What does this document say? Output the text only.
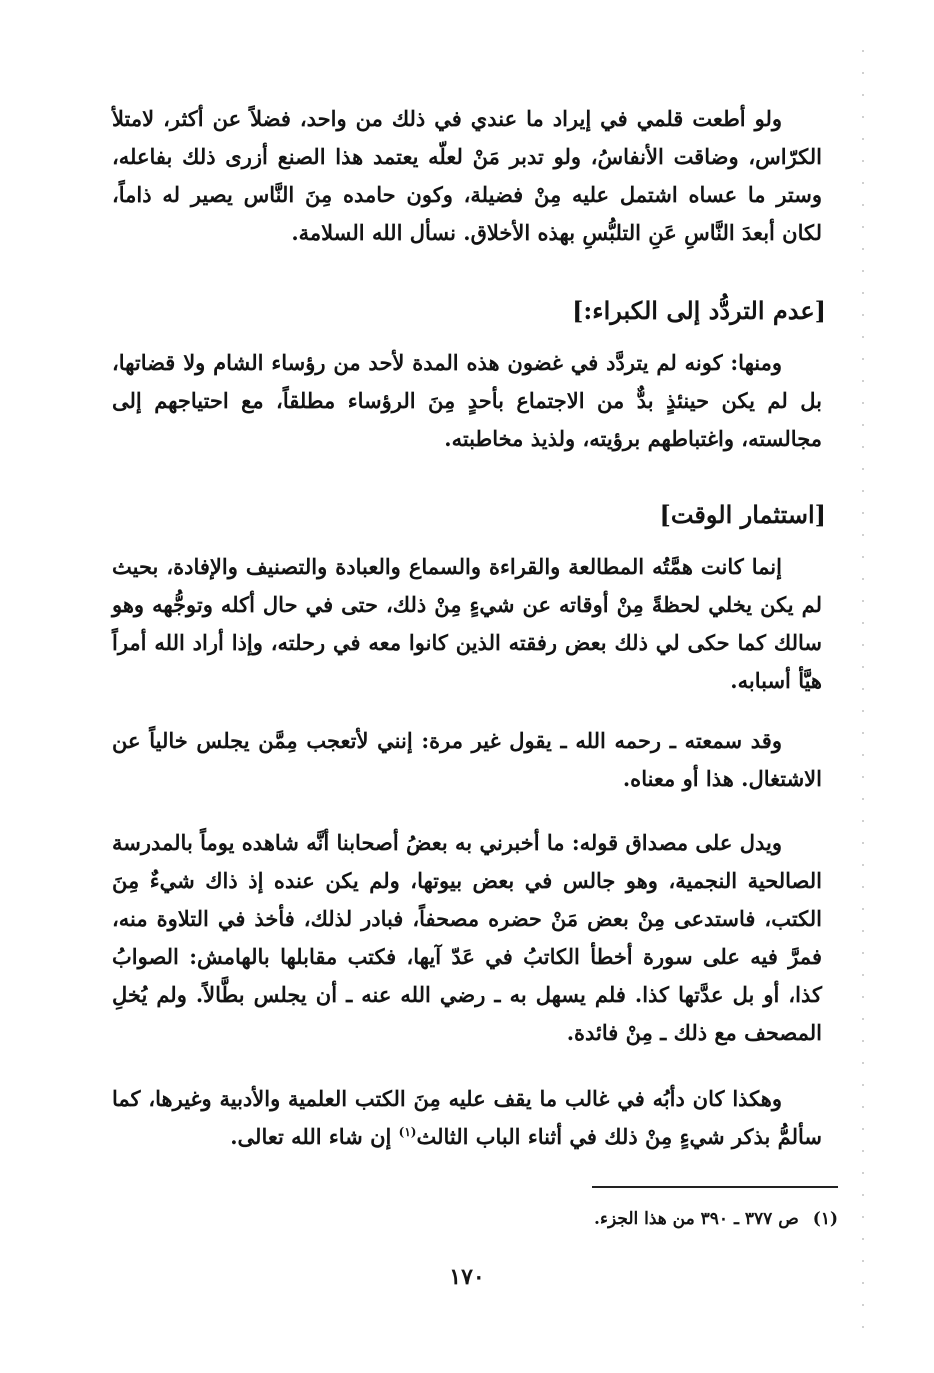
ولو أطعت قلمي في إيراد ما عندي في ذلك من واحد، فضلاً عن أكثر، لامتلأ الكرّاس، وضاقت الأنفاسُ، ولو تدبر مَنْ لعلّه يعتمد هذا الصنع أزرى ذلك بفاعله، وستر ما عساه اشتمل عليه مِنْ فضيلة، وكون حامده مِنَ النَّاس يصير له ذاماً، لكان أبعدَ النَّاسِ عَنِ التلبُّسِ بهذه الأخلاق. نسأل الله السلامة.

[عدم التردُّد إلى الكبراء:]

ومنها: كونه لم يتردَّد في غضون هذه المدة لأحد من رؤساء الشام ولا قضاتها، بل لم يكن حينئذٍ بدٌّ من الاجتماع بأحدٍ مِنَ الرؤساء مطلقاً، مع احتياجهم إلى مجالسته، واغتباطهم برؤيته، ولذيذ مخاطبته.

[استثمار الوقت]

إنما كانت همَّتُه المطالعة والقراءة والسماع والعبادة والتصنيف والإفادة، بحيث لم يكن يخلي لحظةً مِنْ أوقاته عن شيءٍ مِنْ ذلك، حتى في حال أكله وتوجُّهه وهو سالك كما حكى لي ذلك بعض رفقته الذين كانوا معه في رحلته، وإذا أراد الله أمراً هيَّأ أسبابه.

وقد سمعته ـ رحمه الله ـ يقول غير مرة: إنني لأتعجب مِمَّن يجلس خالياً عن الاشتغال. هذا أو معناه.

ويدل على مصداق قوله: ما أخبرني به بعضُ أصحابنا أنَّه شاهده يوماً بالمدرسة الصالحية النجمية، وهو جالس في بعض بيوتها، ولم يكن عنده إذ ذاك شيءٌ مِنَ الكتب، فاستدعى مِنْ بعض مَنْ حضره مصحفاً، فبادر لذلك، فأخذ في التلاوة منه، فمرَّ فيه على سورة أخطأ الكاتبُ في عَدّ آيها، فكتب مقابلها بالهامش: الصوابُ كذا، أو بل عدَّتها كذا. فلم يسهل به ـ رضي الله عنه ـ أن يجلس بطَّالاً. ولم يُخلِ المصحف مع ذلك ـ مِنْ فائدة.

وهكذا كان دأبُه في غالب ما يقف عليه مِنَ الكتب العلمية والأدبية وغيرها، كما سألمُّ بذكر شيءٍ مِنْ ذلك في أثناء الباب الثالث$^{(١)}$ إن شاء الله تعالى.

(١)ص ٣٧٧ ـ ٣٩٠ من هذا الجزء.
١٧٠
